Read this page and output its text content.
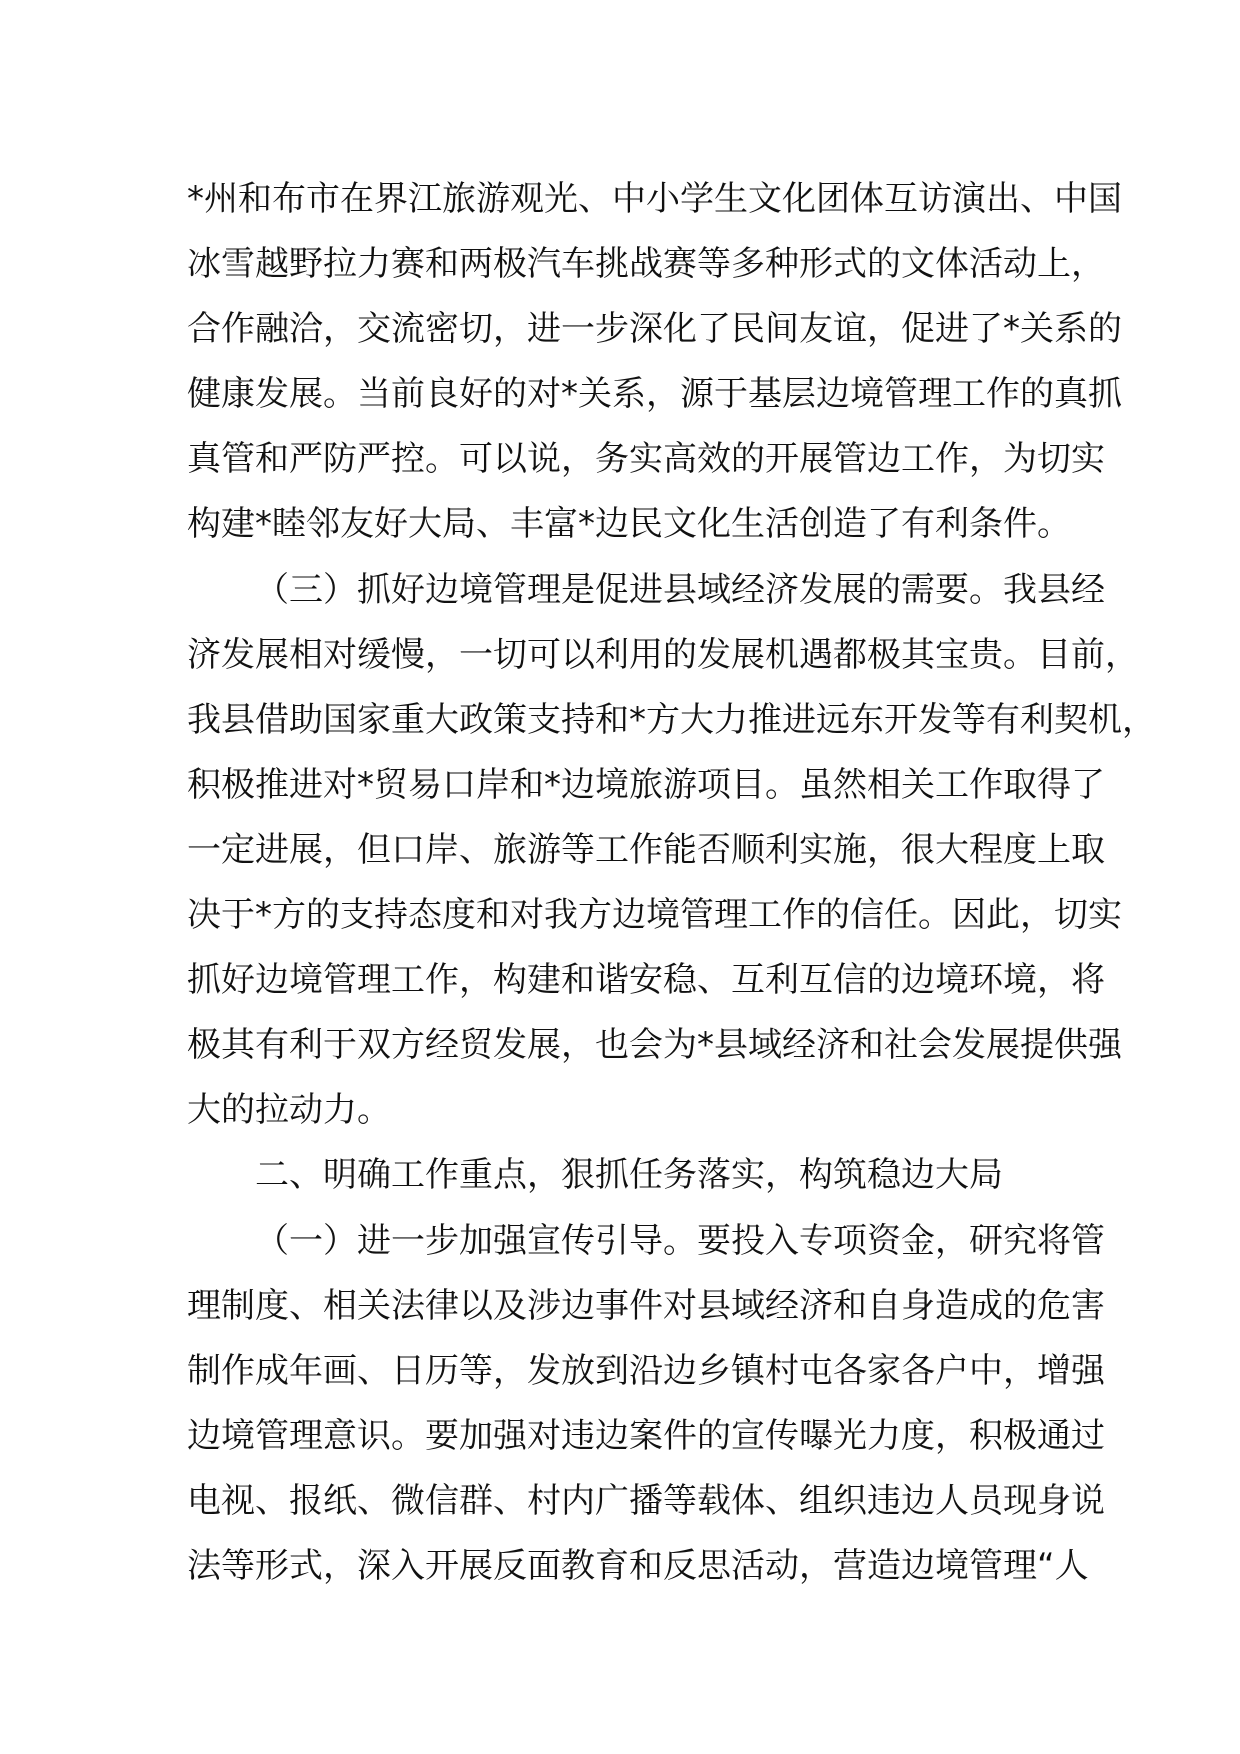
*州和布市在界江旅游观光、中小学生文化团体互访演出、中国
冰雪越野拉力赛和两极汽车挑战赛等多种形式的文体活动上，
合作融洽，交流密切，进一步深化了民间友谊，促进了*关系的
健康发展。当前良好的对*关系，源于基层边境管理工作的真抓
真管和严防严控。可以说，务实高效的开展管边工作，为切实
构建*睦邻友好大局、丰富*边民文化生活创造了有利条件。
（三）抓好边境管理是促进县域经济发展的需要。我县经
济发展相对缓慢，一切可以利用的发展机遇都极其宝贵。目前，
我县借助国家重大政策支持和*方大力推进远东开发等有利契机，
积极推进对*贸易口岸和*边境旅游项目。虽然相关工作取得了
一定进展，但口岸、旅游等工作能否顺利实施，很大程度上取
决于*方的支持态度和对我方边境管理工作的信任。因此，切实
抓好边境管理工作，构建和谐安稳、互利互信的边境环境，将
极其有利于双方经贸发展，也会为*县域经济和社会发展提供强
大的拉动力。
二、明确工作重点，狠抓任务落实，构筑稳边大局
（一）进一步加强宣传引导。要投入专项资金，研究将管
理制度、相关法律以及涉边事件对县域经济和自身造成的危害
制作成年画、日历等，发放到沿边乡镇村屯各家各户中，增强
边境管理意识。要加强对违边案件的宣传曝光力度，积极通过
电视、报纸、微信群、村内广播等载体、组织违边人员现身说
法等形式，深入开展反面教育和反思活动，营造边境管理“人
